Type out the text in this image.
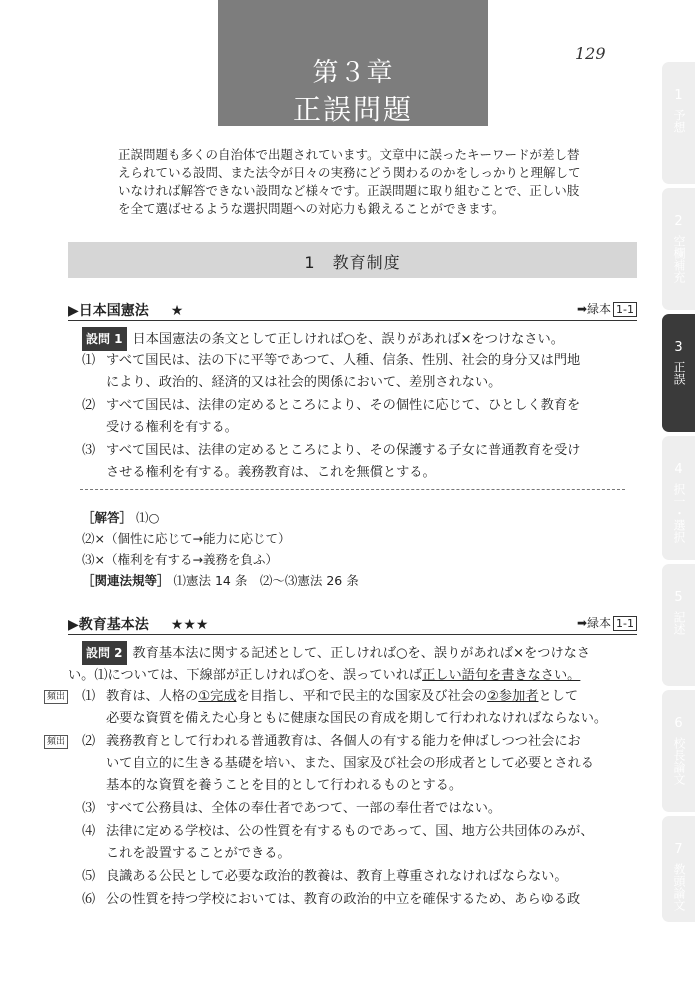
第３章
正誤問題
129
正誤問題も多くの自治体で出題されています。文章中に誤ったキーワードが差し替えられている設問、また法令が日々の実務にどう関わるのかをしっかりと理解していなければ解答できない設問など様々です。正誤問題に取り組むことで、正しい肢を全て選ばせるような選択問題への対応力も鍛えることができます。
1　教育制度
▶日本国憲法 ★	➡緑本 1-1
設問 1 日本国憲法の条文として正しければ○を、誤りがあれば×をつけなさい。
⑴ すべて国民は、法の下に平等であつて、人種、信条、性別、社会的身分又は門地
により、政治的、経済的又は社会的関係において、差別されない。
⑵ すべて国民は、法律の定めるところにより、その個性に応じて、ひとしく教育を
受ける権利を有する。
⑶ すべて国民は、法律の定めるところにより、その保護する子女に普通教育を受け
させる権利を有する。義務教育は、これを無償とする。
［解答］ ⑴○
⑵×（個性に応じて→能力に応じて）
⑶×（権利を有する→義務を負ふ）
［関連法規等］ ⑴憲法 14 条　⑵〜⑶憲法 26 条
▶教育基本法 ★★★	➡緑本 1-1
設問 2 教育基本法に関する記述として、正しければ○を、誤りがあれば×をつけなさ
い。⑴については、下線部が正しければ○を、誤っていれば正しい語句を書きなさい。
頻出 ⑴ 教育は、人格の①完成を目指し、平和で民主的な国家及び社会の②参加者として
必要な資質を備えた心身ともに健康な国民の育成を期して行われなければならない。
頻出 ⑵ 義務教育として行われる普通教育は、各個人の有する能力を伸ばしつつ社会にお
いて自立的に生きる基礎を培い、また、国家及び社会の形成者として必要とされる
基本的な資質を養うことを目的として行われるものとする。
⑶ すべて公務員は、全体の奉仕者であつて、一部の奉仕者ではない。
⑷ 法律に定める学校は、公の性質を有するものであって、国、地方公共団体のみが、
これを設置することができる。
⑸ 良識ある公民として必要な政治的教養は、教育上尊重されなければならない。
⑹ 公の性質を持つ学校においては、教育の政治的中立を確保するため、あらゆる政
1
予想
2
空欄補充
3
正誤
4
択一・選択
5
記述
6
校長論文
7
教頭論文
